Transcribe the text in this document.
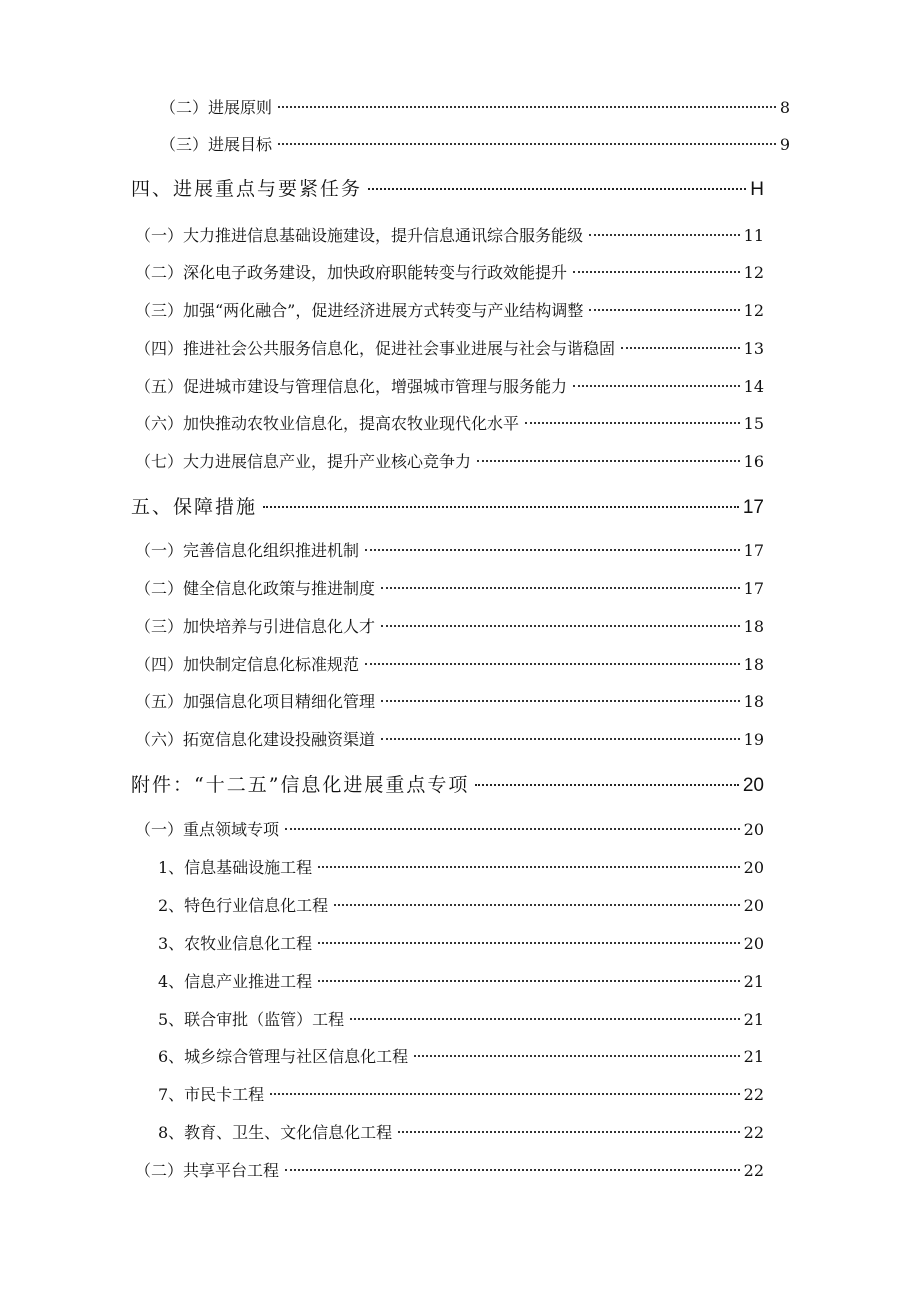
（二）进展原则	8
（三）进展目标	9
四、进展重点与要紧任务	H
（一）大力推进信息基础设施建设，提升信息通讯综合服务能级	11
（二）深化电子政务建设，加快政府职能转变与行政效能提升	12
（三）加强“两化融合”，促进经济进展方式转变与产业结构调整	12
（四）推进社会公共服务信息化，促进社会事业进展与社会与谐稳固	13
（五）促进城市建设与管理信息化，增强城市管理与服务能力	14
（六）加快推动农牧业信息化，提高农牧业现代化水平	15
（七）大力进展信息产业，提升产业核心竞争力	16
五、保障措施	17
（一）完善信息化组织推进机制	17
（二）健全信息化政策与推进制度	17
（三）加快培养与引进信息化人才	18
（四）加快制定信息化标准规范	18
（五）加强信息化项目精细化管理	18
（六）拓宽信息化建设投融资渠道	19
附件：“十二五”信息化进展重点专项	20
（一）重点领域专项	20
1、信息基础设施工程	20
2、特色行业信息化工程	20
3、农牧业信息化工程	20
4、信息产业推进工程	21
5、联合审批（监管）工程	21
6、城乡综合管理与社区信息化工程	21
7、市民卡工程	22
8、教育、卫生、文化信息化工程	22
（二）共享平台工程	22
